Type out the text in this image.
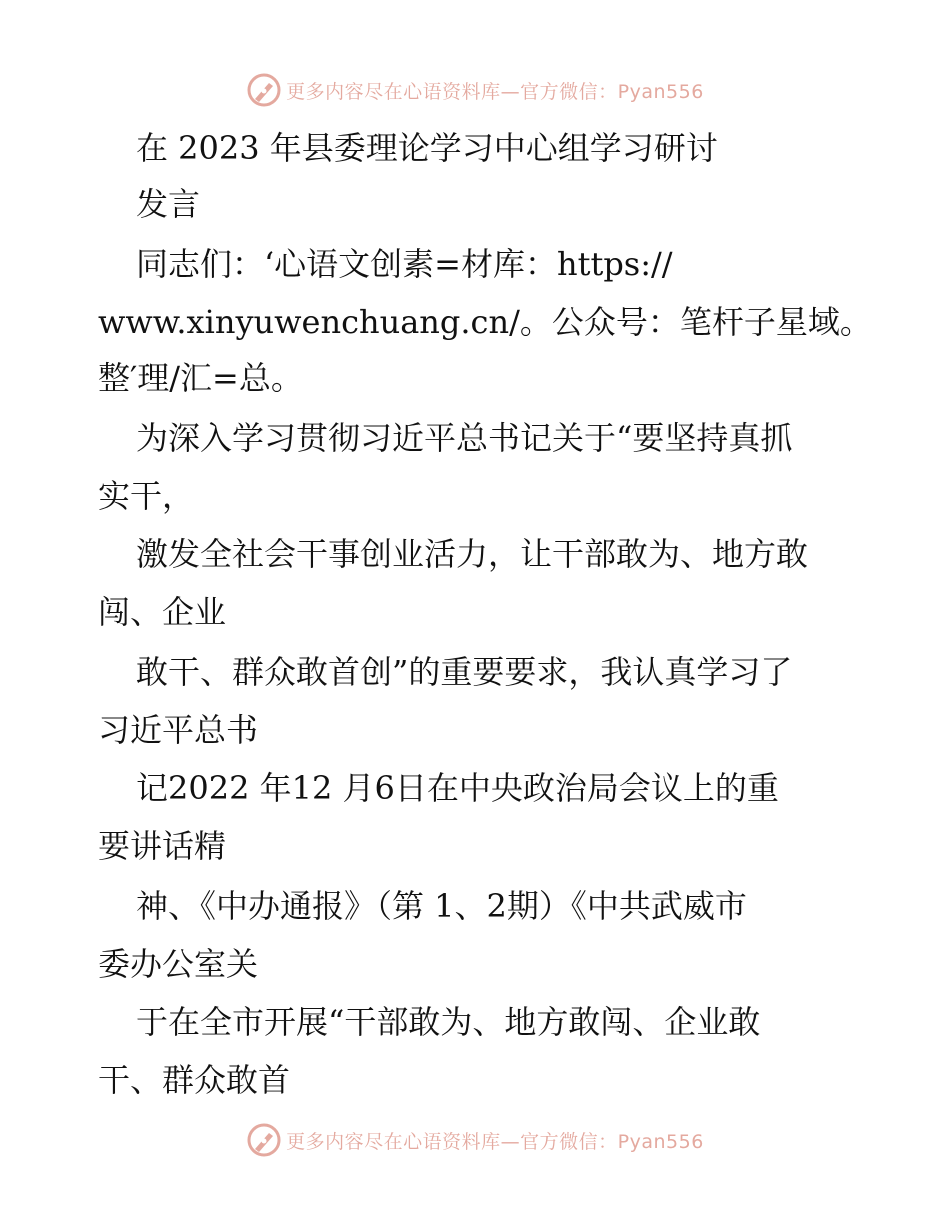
更多内容尽在心语资料库—官方微信：Pyan556
在 2023 年县委理论学习中心组学习研讨
发言
同志们：‘心语文创素=材库：https://
www.xinyuwenchuang.cn/。公众号：笔杆子星域。
整′理/汇=总。
为深入学习贯彻习近平总书记关于“要坚持真抓
实干，
激发全社会干事创业活力，让干部敢为、地方敢
闯、企业
敢干、群众敢首创”的重要要求，我认真学习了
习近平总书
记2022 年12 月6日在中央政治局会议上的重
要讲话精
神、《中办通报》（第 1、2期）《中共武威市
委办公室关
于在全市开展“干部敢为、地方敢闯、企业敢
干、群众敢首
更多内容尽在心语资料库—官方微信：Pyan556
